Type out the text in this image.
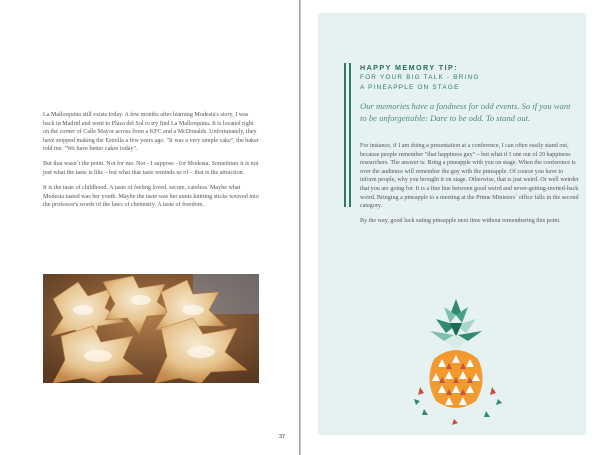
La Mallorquina still exists today. A few months after learning Modesta's story, I was back in Madrid and went to Plaza del Sol to try find La Mallorquina. It is located right on the corner of Calle Mayor across from a KFC and a McDonalds. Unfortunately, they have stopped making the Estrella a few years ago. "It was a very simple cake", the baker told me. "We have better cakes today".

But that wasn´t the point. Not for me. Nor - I suppose - for Modesta. Sometimes it is not just what the taste is like – but what that taste reminds us of – that is the attraction.

It is the taste of childhood. A taste of feeling loved, secure, careless. Maybe what Modesta tasted was her youth. Maybe the taste was her aunts knitting sticks weaved into the professor's words of the laws of chemistry. A taste of freedom.

37
HAPPY MEMORY TIP:
FOR YOUR BIG TALK - BRING A PINEAPPLE ON STAGE
Our memories have a fondness for odd events. So if you want to be unforgettable: Dare to be odd. To stand out.

For instance, if I am doing a presentation at a conference, I can often easily stand out, because people remember "that happiness guy" – but what if I one out of 20 happiness researchers. The answer is: Bring a pineapple with you on stage. When the conference is over the audience will remember the guy with the pineapple. Of course you have to inform people, why you brought it on stage. Otherwise, that is just weird. Or well weirder that you are going for. It is a fine line between good weird and never-getting-invited-back weird. Bringing a pineapple to a meeting at the Prime Ministers´ office falls in the second category.

By the way, good luck eating pineapple next time without remembering this point.
